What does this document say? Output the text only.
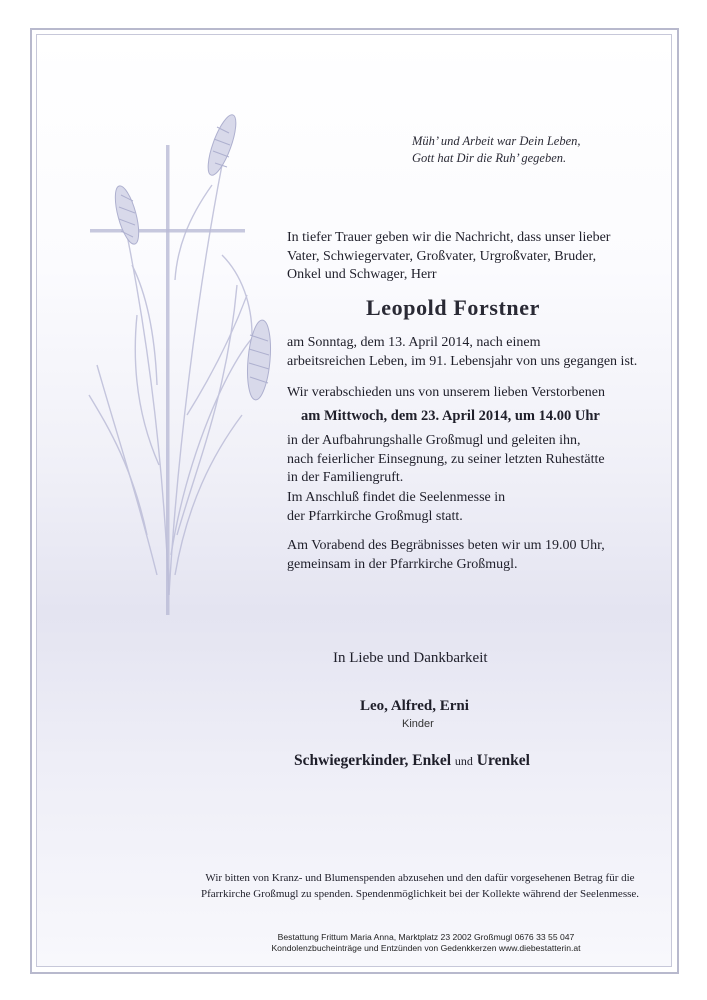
Müh’ und Arbeit war Dein Leben,
Gott hat Dir die Ruh’ gegeben.
In tiefer Trauer geben wir die Nachricht, dass unser lieber
Vater, Schwiegervater, Großvater, Urgroßvater, Bruder,
Onkel und Schwager, Herr
Leopold Forstner
am Sonntag, dem 13. April 2014, nach einem
arbeitsreichen Leben, im 91. Lebensjahr von uns gegangen ist.
Wir verabschieden uns von unserem lieben Verstorbenen
am Mittwoch, dem 23. April 2014, um 14.00 Uhr
in der Aufbahrungshalle Großmugl und geleiten ihn,
nach feierlicher Einsegnung, zu seiner letzten Ruhestätte
in der Familiengruft.
Im Anschluß findet die Seelenmesse in
der Pfarrkirche Großmugl statt.
Am Vorabend des Begräbnisses beten wir um 19.00 Uhr,
gemeinsam in der Pfarrkirche Großmugl.
In Liebe und Dankbarkeit
Leo, Alfred, Erni
Kinder
Schwiegerkinder, Enkel und Urenkel
Wir bitten von Kranz- und Blumenspenden abzusehen und den dafür vorgesehenen Betrag für die
Pfarrkirche Großmugl zu spenden. Spendenmöglichkeit bei der Kollekte während der Seelenmesse.
Bestattung Frittum Maria Anna, Marktplatz 23 2002 Großmugl 0676 33 55 047
Kondolenzbucheinträge und Entzünden von Gedenkkerzen www.diebestatterin.at
